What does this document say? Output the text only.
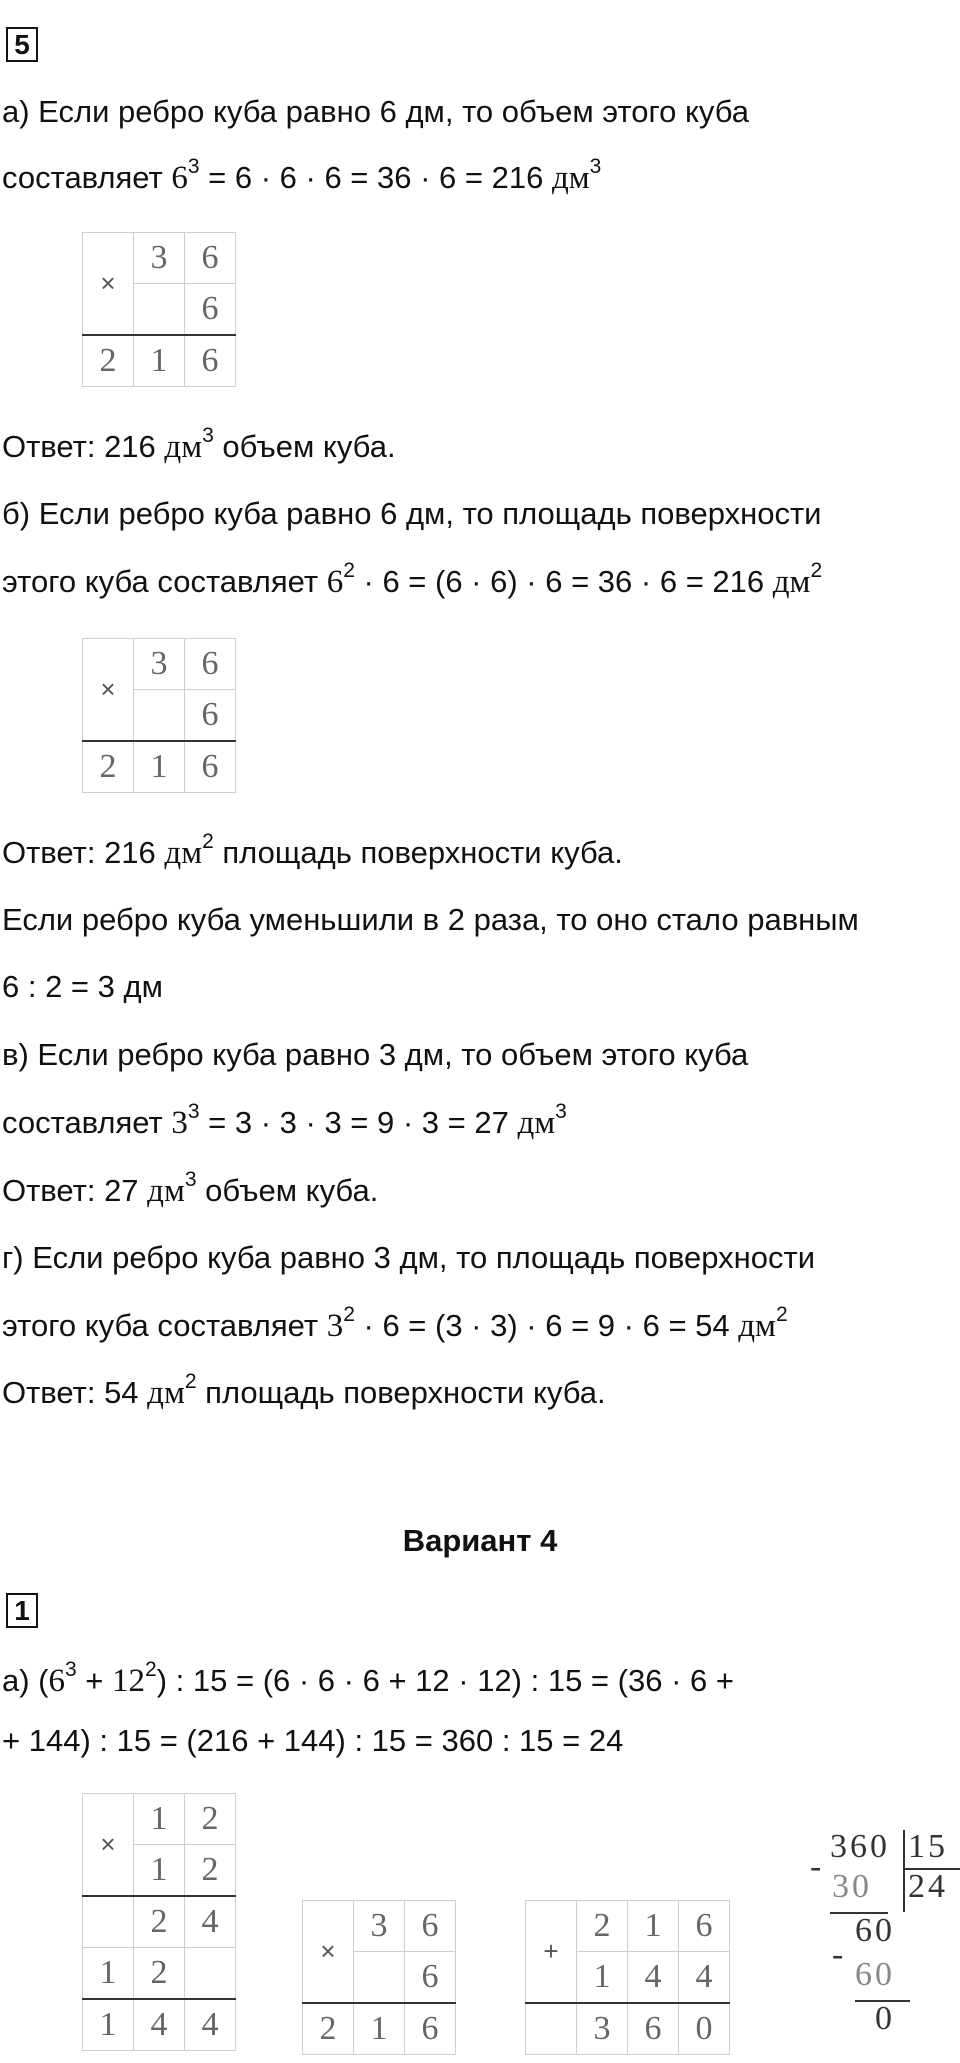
5
а) Если ребро куба равно 6 дм, то объем этого куба
составляет $6^3 = 6 \cdot 6 \cdot 6 = 36 \cdot 6 = 216$ $дм^3$
×	3	6
		6
2	1	6
Ответ: 216 $дм^3$ объем куба.
б) Если ребро куба равно 6 дм, то площадь поверхности
этого куба составляет $6^2 \cdot 6 = (6 \cdot 6) \cdot 6 = 36 \cdot 6 = 216$ $дм^2$
×	3	6
		6
2	1	6
Ответ: 216 $дм^2$ площадь поверхности куба.
Если ребро куба уменьшили в 2 раза, то оно стало равным
6 : 2 = 3 дм
в) Если ребро куба равно 3 дм, то объем этого куба
составляет $3^3 = 3 \cdot 3 \cdot 3 = 9 \cdot 3 = 27$ $дм^3$
Ответ: 27 $дм^3$ объем куба.
г) Если ребро куба равно 3 дм, то площадь поверхности
этого куба составляет $3^2 \cdot 6 = (3 \cdot 3) \cdot 6 = 9 \cdot 6 = 54$ $дм^2$
Ответ: 54 $дм^2$ площадь поверхности куба.
Вариант 4
1
а) $(6^3 + 12^2)$ : 15 = (6 · 6 · 6 + 12 · 12) : 15 = (36 · 6 +
+ 144) : 15 = (216 + 144) : 15 = 360 : 15 = 24
×	1	2
	1	2
	2	4
1	2	
1	4	4
×	3	6
		6
2	1	6
+	2	1	6
	1	4	4
	3	6	0
-
360 15
30 24
60
-
60
0
